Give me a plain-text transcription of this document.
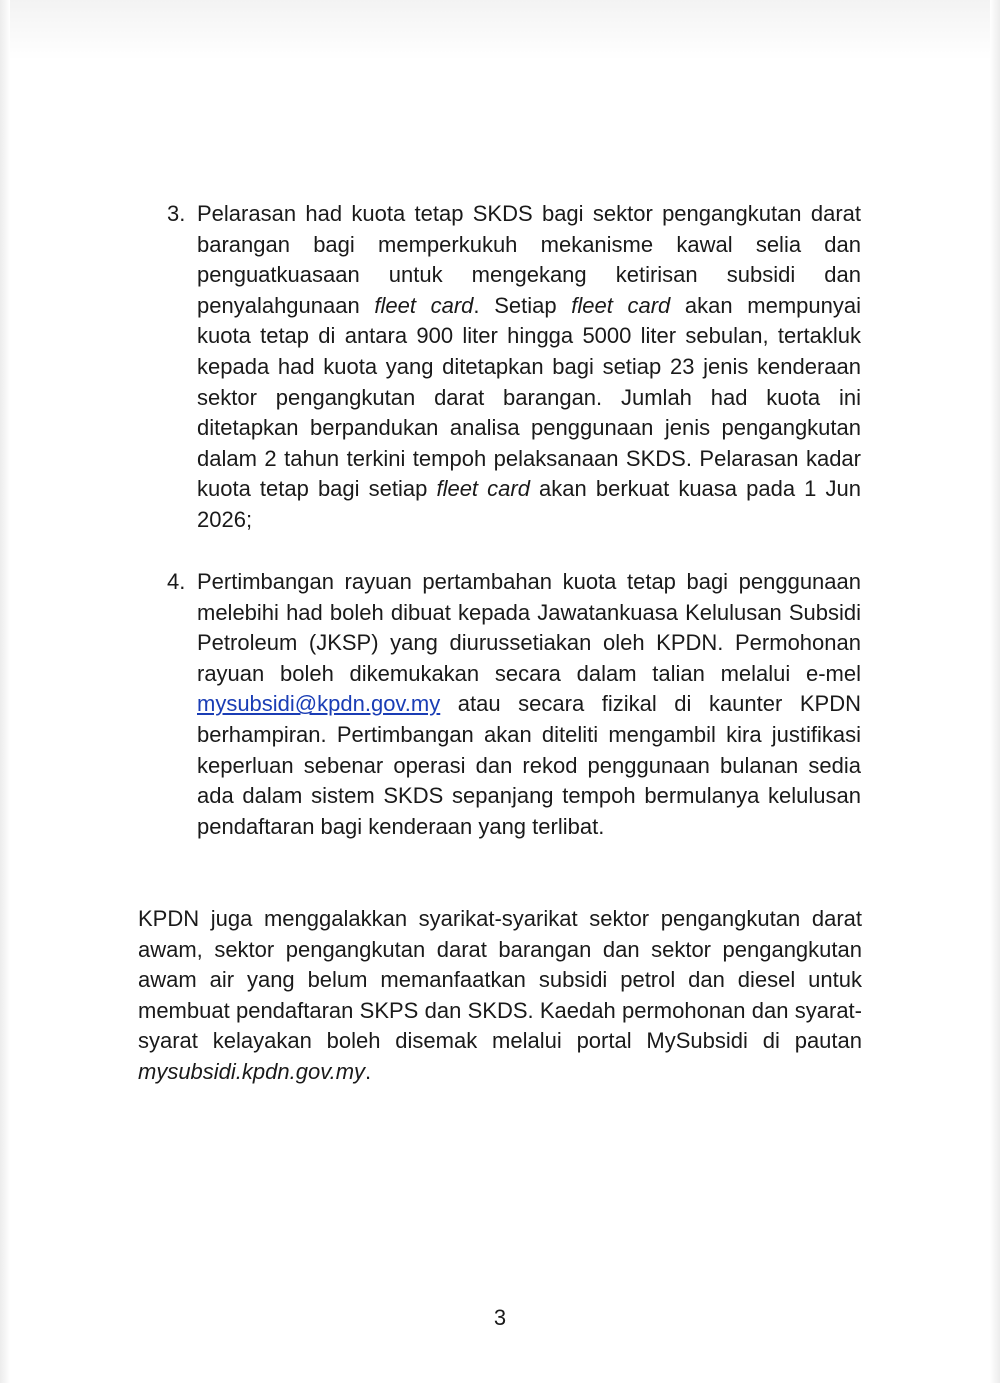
3. Pelarasan had kuota tetap SKDS bagi sektor pengangkutan darat barangan bagi memperkukuh mekanisme kawal selia dan penguatkuasaan untuk mengekang ketirisan subsidi dan penyalahgunaan fleet card. Setiap fleet card akan mempunyai kuota tetap di antara 900 liter hingga 5000 liter sebulan, tertakluk kepada had kuota yang ditetapkan bagi setiap 23 jenis kenderaan sektor pengangkutan darat barangan. Jumlah had kuota ini ditetapkan berpandukan analisa penggunaan jenis pengangkutan dalam 2 tahun terkini tempoh pelaksanaan SKDS. Pelarasan kadar kuota tetap bagi setiap fleet card akan berkuat kuasa pada 1 Jun 2026;
4. Pertimbangan rayuan pertambahan kuota tetap bagi penggunaan melebihi had boleh dibuat kepada Jawatankuasa Kelulusan Subsidi Petroleum (JKSP) yang diurussetiakan oleh KPDN. Permohonan rayuan boleh dikemukakan secara dalam talian melalui e-mel mysubsidi@kpdn.gov.my atau secara fizikal di kaunter KPDN berhampiran. Pertimbangan akan diteliti mengambil kira justifikasi keperluan sebenar operasi dan rekod penggunaan bulanan sedia ada dalam sistem SKDS sepanjang tempoh bermulanya kelulusan pendaftaran bagi kenderaan yang terlibat.
KPDN juga menggalakkan syarikat-syarikat sektor pengangkutan darat awam, sektor pengangkutan darat barangan dan sektor pengangkutan awam air yang belum memanfaatkan subsidi petrol dan diesel untuk membuat pendaftaran SKPS dan SKDS. Kaedah permohonan dan syarat-syarat kelayakan boleh disemak melalui portal MySubsidi di pautan mysubsidi.kpdn.gov.my.
3
